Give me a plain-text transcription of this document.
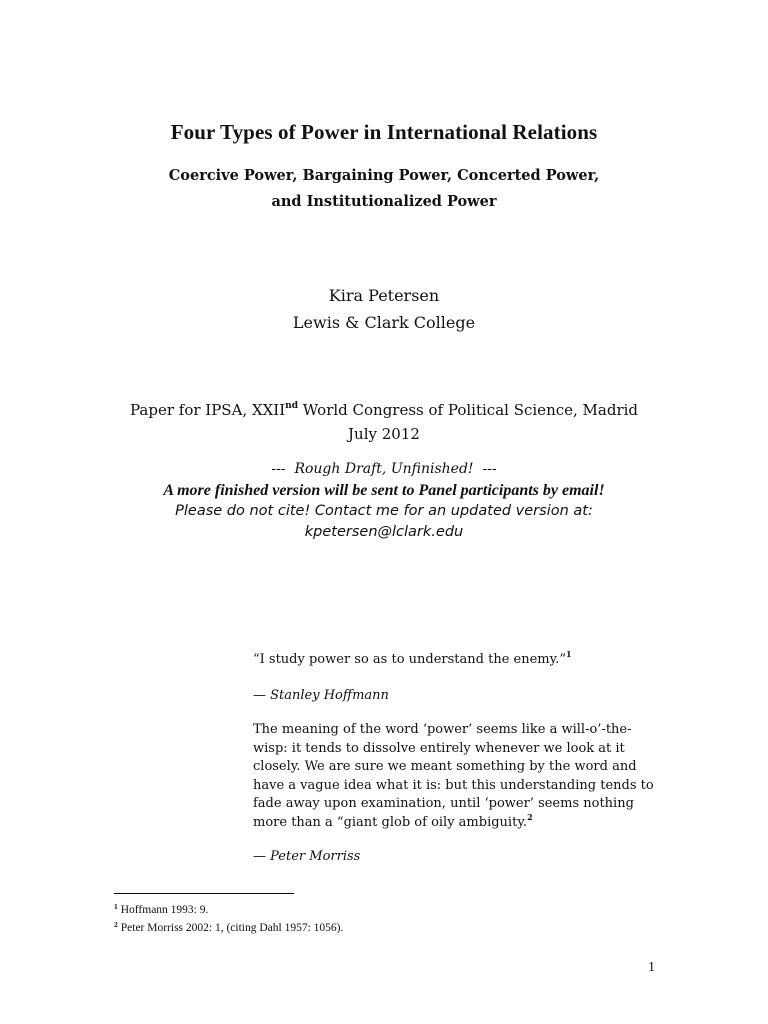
Four Types of Power in International Relations
Coercive Power, Bargaining Power, Concerted Power,
and Institutionalized Power
Kira Petersen
Lewis & Clark College
Paper for IPSA, XXIInd World Congress of Political Science, Madrid
July 2012
---  Rough Draft, Unfinished!  ---
A more finished version will be sent to Panel participants by email!
Please do not cite! Contact me for an updated version at:
kpetersen@lclark.edu
“I study power so as to understand the enemy.”$^1$
— Stanley Hoffmann
The meaning of the word ‘power’ seems like a will-o’-the-wisp: it tends to dissolve entirely whenever we look at it closely. We are sure we meant something by the word and have a vague idea what it is: but this understanding tends to fade away upon examination, until ‘power’ seems nothing more than a “giant glob of oily ambiguity.$^2$
— Peter Morriss
$^1$ Hoffmann 1993: 9.
$^2$ Peter Morriss 2002: 1, (citing Dahl 1957: 1056).
1
